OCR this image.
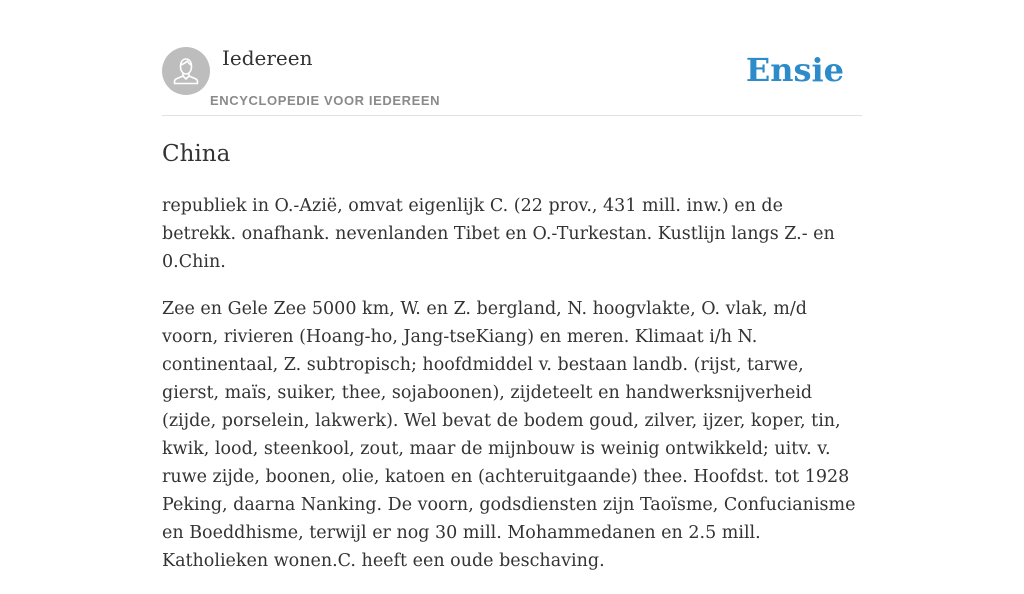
Iedereen
ENCYCLOPEDIE VOOR IEDEREEN
Ensie
China

republiek in O.-Azië, omvat eigenlijk C. (22 prov., 431 mill. inw.) en de betrekk. onafhank. nevenlanden Tibet en O.-Turkestan. Kustlijn langs Z.- en 0.Chin.

Zee en Gele Zee 5000 km, W. en Z. bergland, N. hoogvlakte, O. vlak, m/d voorn, rivieren (Hoang-ho, Jang-tseKiang) en meren. Klimaat i/h N. continentaal, Z. subtropisch; hoofdmiddel v. bestaan landb. (rijst, tarwe, gierst, maïs, suiker, thee, sojaboonen), zijdeteelt en handwerksnijverheid (zijde, porselein, lakwerk). Wel bevat de bodem goud, zilver, ijzer, koper, tin, kwik, lood, steenkool, zout, maar de mijnbouw is weinig ontwikkeld; uitv. v. ruwe zijde, boonen, olie, katoen en (achteruitgaande) thee. Hoofdst. tot 1928 Peking, daarna Nanking. De voorn, godsdiensten zijn Taoïsme, Confucianisme en Boeddhisme, terwijl er nog 30 mill. Mohammedanen en 2.5 mill. Katholieken wonen.C. heeft een oude beschaving.
